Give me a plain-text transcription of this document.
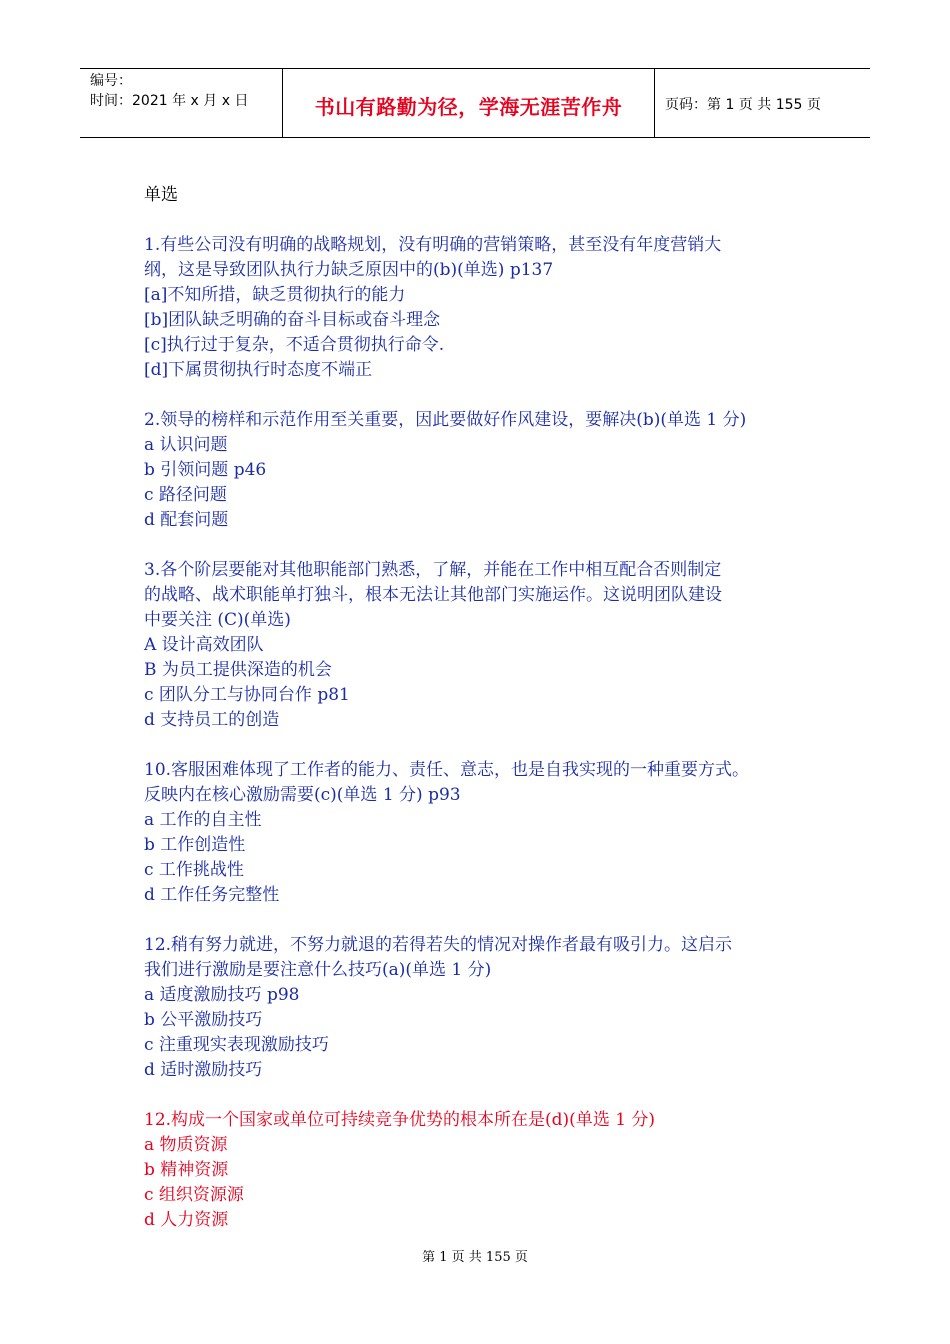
编号：
时间：2021 年 x 月 x 日	书山有路勤为径，学海无涯苦作舟	页码：第 1 页 共 155 页
单选

1.有些公司没有明确的战略规划，没有明确的营销策略，甚至没有年度营销大

纲，这是导致团队执行力缺乏原因中的(b)(单选) p137

[a]不知所措，缺乏贯彻执行的能力

[b]团队缺乏明确的奋斗目标或奋斗理念

[c]执行过于复杂，不适合贯彻执行命令.

[d]下属贯彻执行时态度不端正

2.领导的榜样和示范作用至关重要，因此要做好作风建设，要解决(b)(单选 1 分)

a 认识问题

b 引领问题 p46

c 路径问题

d 配套问题

3.各个阶层要能对其他职能部门熟悉，了解，并能在工作中相互配合否则制定

的战略、战术职能单打独斗，根本无法让其他部门实施运作。这说明团队建设

中要关注 (C)(单选)

A 设计高效团队

B 为员工提供深造的机会

c 团队分工与协同台作 p81

d 支持员工的创造

10.客服困难体现了工作者的能力、责任、意志，也是自我实现的一种重要方式。

反映内在核心激励需要(c)(单选 1 分) p93

a 工作的自主性

b 工作创造性

c 工作挑战性

d 工作任务完整性

12.稍有努力就进，不努力就退的若得若失的情况对操作者最有吸引力。这启示

我们进行激励是要注意什么技巧(a)(单选 1 分)

a 适度激励技巧 p98

b 公平激励技巧

c 注重现实表现激励技巧

d 适时激励技巧

12.构成一个国家或单位可持续竞争优势的根本所在是(d)(单选 1 分)

a 物质资源

b 精神资源

c 组织资源源

d 人力资源

第 1 页 共 155 页
